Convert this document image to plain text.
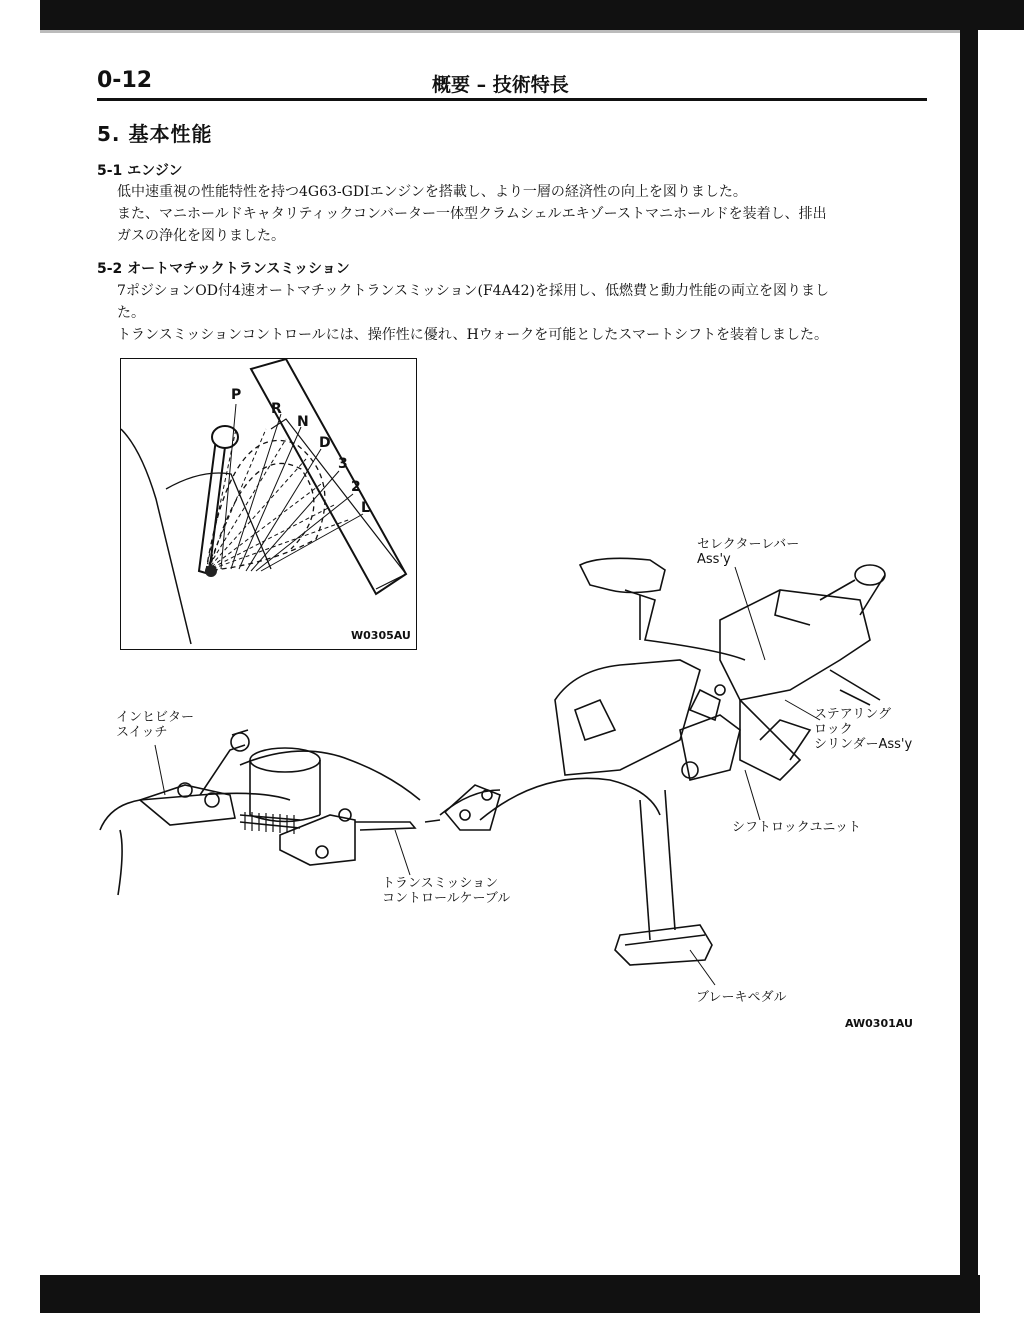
0-12	概要 – 技術特長
5. 基本性能
5-1 エンジン
低中速重視の性能特性を持つ4G63-GDIエンジンを搭載し、より一層の経済性の向上を図りました。
また、マニホールドキャタリティックコンバーター一体型クラムシェルエキゾーストマニホールドを装着し、排出
ガスの浄化を図りました。
5-2 オートマチックトランスミッション
7ポジションOD付4速オートマチックトランスミッション(F4A42)を採用し、低燃費と動力性能の両立を図りまし
た。
トランスミッションコントロールには、操作性に優れ、Hウォークを可能としたスマートシフトを装着しました。
P
R
N
D
3
2
L
W0305AU
セレクターレバー
Ass'y
インヒビター
スイッチ
ステアリング
ロック
シリンダーAss'y
シフトロックユニット
トランスミッション
コントロールケーブル
ブレーキペダル
AW0301AU
